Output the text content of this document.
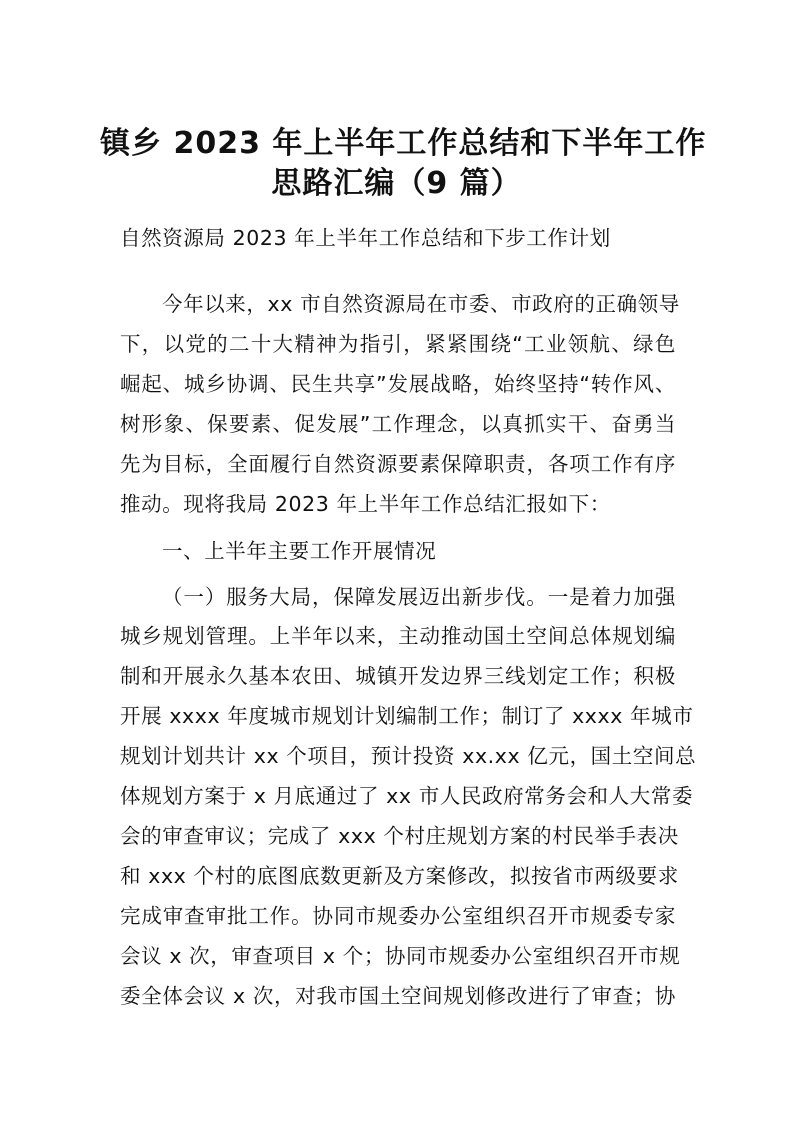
镇乡 2023 年上半年工作总结和下半年工作
思路汇编（9 篇）
自然资源局 2023 年上半年工作总结和下步工作计划
今年以来，xx 市自然资源局在市委、市政府的正确领导
下，以党的二十大精神为指引，紧紧围绕“工业领航、绿色
崛起、城乡协调、民生共享”发展战略，始终坚持“转作风、
树形象、保要素、促发展”工作理念，以真抓实干、奋勇当
先为目标，全面履行自然资源要素保障职责，各项工作有序
推动。现将我局 2023 年上半年工作总结汇报如下：
一、上半年主要工作开展情况
（一）服务大局，保障发展迈出新步伐。一是着力加强
城乡规划管理。上半年以来，主动推动国土空间总体规划编
制和开展永久基本农田、城镇开发边界三线划定工作；积极
开展 xxxx 年度城市规划计划编制工作；制订了 xxxx 年城市
规划计划共计 xx 个项目，预计投资 xx.xx 亿元，国土空间总
体规划方案于 x 月底通过了 xx 市人民政府常务会和人大常委
会的审查审议；完成了 xxx 个村庄规划方案的村民举手表决
和 xxx 个村的底图底数更新及方案修改，拟按省市两级要求
完成审查审批工作。协同市规委办公室组织召开市规委专家
会议 x 次，审查项目 x 个；协同市规委办公室组织召开市规
委全体会议 x 次，对我市国土空间规划修改进行了审查；协
